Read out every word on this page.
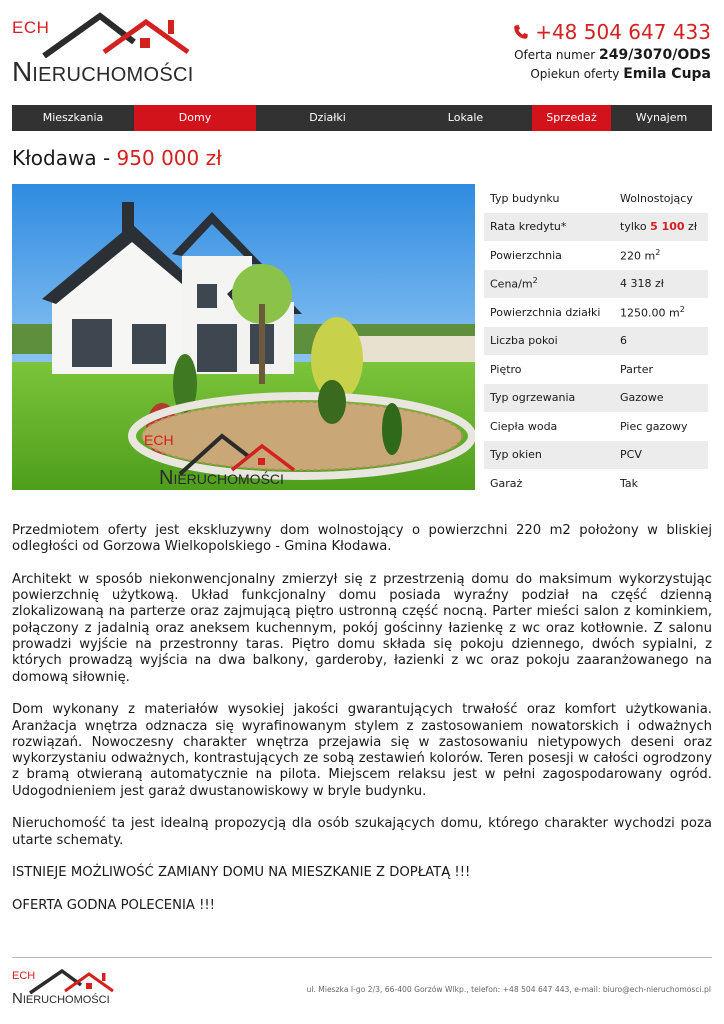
ECH
NIERUCHOMOŚCI
+48 504 647 433
Oferta numer 249/3070/ODS
Opiekun oferty Emila Cupa
Mieszkania	Domy	Działki	Lokale	Sprzedaż	Wynajem
Kłodawa - 950 000 zł
ECH
NIERUCHOMOŚCI
Typ budynku	Wolnostojący
Rata kredytu*	tylko 5 100 zł
Powierzchnia	220 $m^2$
Cena/$m^2$	4 318 zł
Powierzchnia działki	1250.00 $m^2$
Liczba pokoi	6
Piętro	Parter
Typ ogrzewania	Gazowe
Ciepła woda	Piec gazowy
Typ okien	PCV
Garaż	Tak

Przedmiotem oferty jest ekskluzywny dom wolnostojący o powierzchni 220 m2 położony w bliskiej odległości od Gorzowa Wielkopolskiego - Gmina Kłodawa.

Architekt w sposób niekonwencjonalny zmierzył się z przestrzenią domu do maksimum wykorzystując powierzchnię użytkową. Układ funkcjonalny domu posiada wyraźny podział na część dzienną zlokalizowaną na parterze oraz zajmującą piętro ustronną część nocną. Parter mieści salon z kominkiem, połączony z jadalnią oraz aneksem kuchennym, pokój gościnny łazienkę z wc oraz kotłownie. Z salonu prowadzi wyjście na przestronny taras. Piętro domu składa się pokoju dziennego, dwóch sypialni, z których prowadzą wyjścia na dwa balkony, garderoby, łazienki z wc oraz pokoju zaaranżowanego na domową siłownię.

Dom wykonany z materiałów wysokiej jakości gwarantujących trwałość oraz komfort użytkowania. Aranżacja wnętrza odznacza się wyrafinowanym stylem z zastosowaniem nowatorskich i odważnych rozwiązań. Nowoczesny charakter wnętrza przejawia się w zastosowaniu nietypowych deseni oraz wykorzystaniu odważnych, kontrastujących ze sobą zestawień kolorów. Teren posesji w całości ogrodzony z bramą otwieraną automatycznie na pilota. Miejscem relaksu jest w pełni zagospodarowany ogród. Udogodnieniem jest garaż dwustanowiskowy w bryle budynku.

Nieruchomość ta jest idealną propozycją dla osób szukających domu, którego charakter wychodzi poza utarte schematy.

ISTNIEJE MOŻLIWOŚĆ ZAMIANY DOMU NA MIESZKANIE Z DOPŁATĄ !!!

OFERTA GODNA POLECENIA !!!

ECH
NIERUCHOMOŚCI
ul. Mieszka I-go 2/3, 66-400 Gorzów Wlkp., telefon: +48 504 647 443, e-mail: biuro@ech-nieruchomosci.pl
